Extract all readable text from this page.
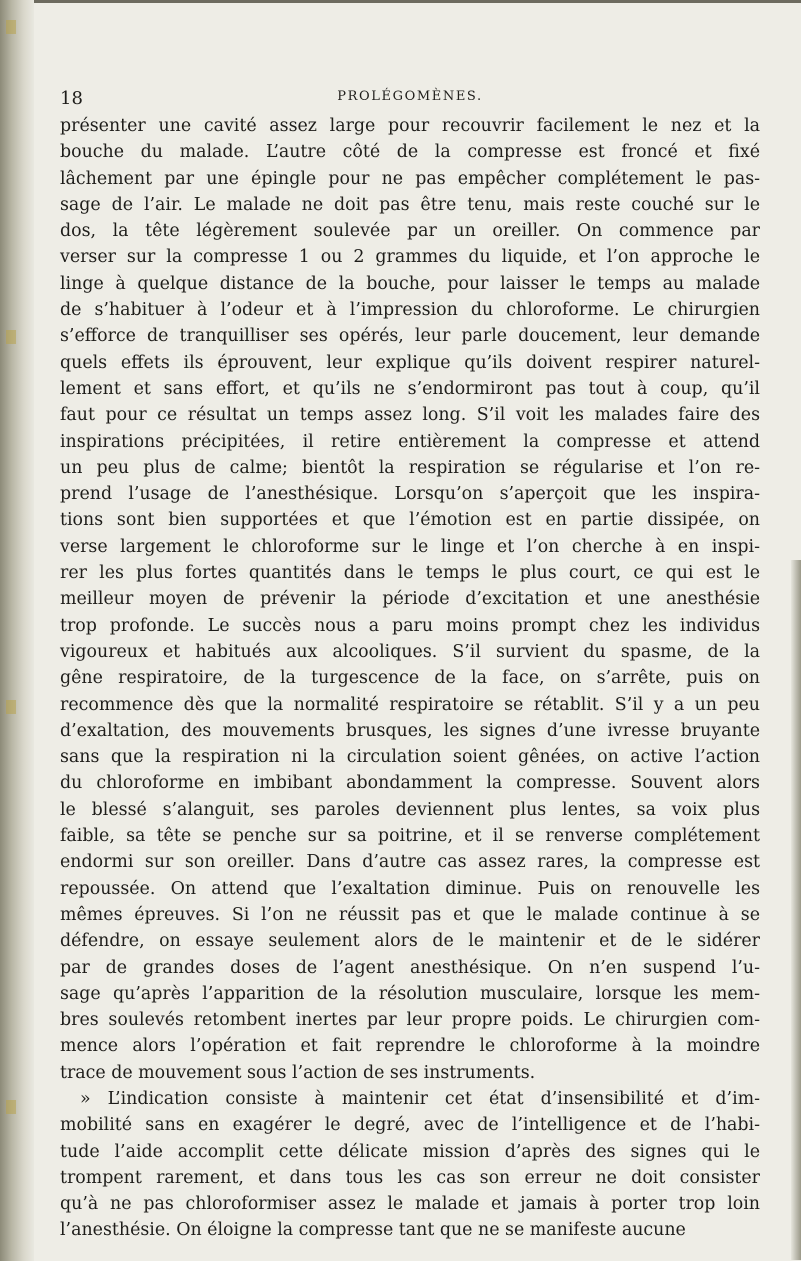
18	PROLÉGOMÈNES.
présenter une cavité assez large pour recouvrir facilement le nez et la
bouche du malade. L’autre côté de la compresse est froncé et fixé
lâchement par une épingle pour ne pas empêcher complétement le pas-
sage de l’air. Le malade ne doit pas être tenu, mais reste couché sur le
dos, la tête légèrement soulevée par un oreiller. On commence par
verser sur la compresse 1 ou 2 grammes du liquide, et l’on approche le
linge à quelque distance de la bouche, pour laisser le temps au malade
de s’habituer à l’odeur et à l’impression du chloroforme. Le chirurgien
s’efforce de tranquilliser ses opérés, leur parle doucement, leur demande
quels effets ils éprouvent, leur explique qu’ils doivent respirer naturel-
lement et sans effort, et qu’ils ne s’endormiront pas tout à coup, qu’il
faut pour ce résultat un temps assez long. S’il voit les malades faire des
inspirations précipitées, il retire entièrement la compresse et attend
un peu plus de calme; bientôt la respiration se régularise et l’on re-
prend l’usage de l’anesthésique. Lorsqu’on s’aperçoit que les inspira-
tions sont bien supportées et que l’émotion est en partie dissipée, on
verse largement le chloroforme sur le linge et l’on cherche à en inspi-
rer les plus fortes quantités dans le temps le plus court, ce qui est le
meilleur moyen de prévenir la période d’excitation et une anesthésie
trop profonde. Le succès nous a paru moins prompt chez les individus
vigoureux et habitués aux alcooliques. S’il survient du spasme, de la
gêne respiratoire, de la turgescence de la face, on s’arrête, puis on
recommence dès que la normalité respiratoire se rétablit. S’il y a un peu
d’exaltation, des mouvements brusques, les signes d’une ivresse bruyante
sans que la respiration ni la circulation soient gênées, on active l’action
du chloroforme en imbibant abondamment la compresse. Souvent alors
le blessé s’alanguit, ses paroles deviennent plus lentes, sa voix plus
faible, sa tête se penche sur sa poitrine, et il se renverse complétement
endormi sur son oreiller. Dans d’autre cas assez rares, la compresse est
repoussée. On attend que l’exaltation diminue. Puis on renouvelle les
mêmes épreuves. Si l’on ne réussit pas et que le malade continue à se
défendre, on essaye seulement alors de le maintenir et de le sidérer
par de grandes doses de l’agent anesthésique. On n’en suspend l’u-
sage qu’après l’apparition de la résolution musculaire, lorsque les mem-
bres soulevés retombent inertes par leur propre poids. Le chirurgien com-
mence alors l’opération et fait reprendre le chloroforme à la moindre
trace de mouvement sous l’action de ses instruments.
» L’indication consiste à maintenir cet état d’insensibilité et d’im-
mobilité sans en exagérer le degré, avec de l’intelligence et de l’habi-
tude l’aide accomplit cette délicate mission d’après des signes qui le
trompent rarement, et dans tous les cas son erreur ne doit consister
qu’à ne pas chloroformiser assez le malade et jamais à porter trop loin
l’anesthésie. On éloigne la compresse tant que ne se manifeste aucune
